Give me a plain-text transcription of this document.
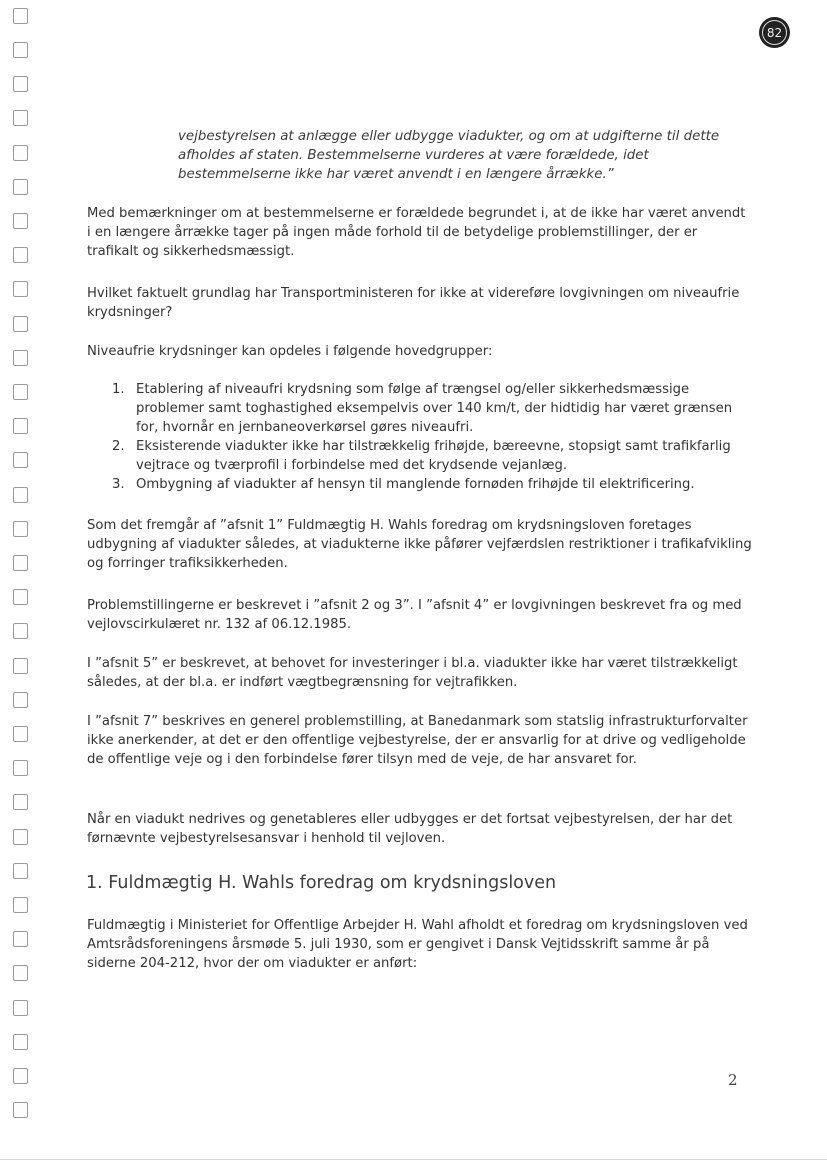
82
vejbestyrelsen at anlægge eller udbygge viadukter, og om at udgifterne til dette
afholdes af staten. Bestemmelserne vurderes at være forældede, idet
bestemmelserne ikke har været anvendt i en længere årrække.”
Med bemærkninger om at bestemmelserne er forældede begrundet i, at de ikke har været anvendt i en længere årrække tager på ingen måde forhold til de betydelige problemstillinger, der er trafikalt og sikkerhedsmæssigt.
Hvilket faktuelt grundlag har Transportministeren for ikke at videreføre lovgivningen om niveaufrie krydsninger?
Niveaufrie krydsninger kan opdeles i følgende hovedgrupper:
1. Etablering af niveaufri krydsning som følge af trængsel og/eller sikkerhedsmæssige problemer samt toghastighed eksempelvis over 140 km/t, der hidtidig har været grænsen for, hvornår en jernbaneoverkørsel gøres niveaufri.
2. Eksisterende viadukter ikke har tilstrækkelig frihøjde, bæreevne, stopsigt samt trafikfarlig vejtrace og tværprofil i forbindelse med det krydsende vejanlæg.
3. Ombygning af viadukter af hensyn til manglende fornøden frihøjde til elektrificering.
Som det fremgår af ”afsnit 1” Fuldmægtig H. Wahls foredrag om krydsningsloven foretages udbygning af viadukter således, at viadukterne ikke påfører vejfærdslen restriktioner i trafikafvikling og forringer trafiksikkerheden.
Problemstillingerne er beskrevet i ”afsnit 2 og 3”. I ”afsnit 4” er lovgivningen beskrevet fra og med vejlovscirkulæret nr. 132 af 06.12.1985.
I ”afsnit 5” er beskrevet, at behovet for investeringer i bl.a. viadukter ikke har været tilstrækkeligt således, at der bl.a. er indført vægtbegrænsning for vejtrafikken.
I ”afsnit 7” beskrives en generel problemstilling, at Banedanmark som statslig infrastrukturforvalter ikke anerkender, at det er den offentlige vejbestyrelse, der er ansvarlig for at drive og vedligeholde de offentlige veje og i den forbindelse fører tilsyn med de veje, de har ansvaret for.
Når en viadukt nedrives og genetableres eller udbygges er det fortsat vejbestyrelsen, der har det førnævnte vejbestyrelsesansvar i henhold til vejloven.
1. Fuldmægtig H. Wahls foredrag om krydsningsloven
Fuldmægtig i Ministeriet for Offentlige Arbejder H. Wahl afholdt et foredrag om krydsningsloven ved Amtsrådsforeningens årsmøde 5. juli 1930, som er gengivet i Dansk Vejtidsskrift samme år på siderne 204-212, hvor der om viadukter er anført:
2
